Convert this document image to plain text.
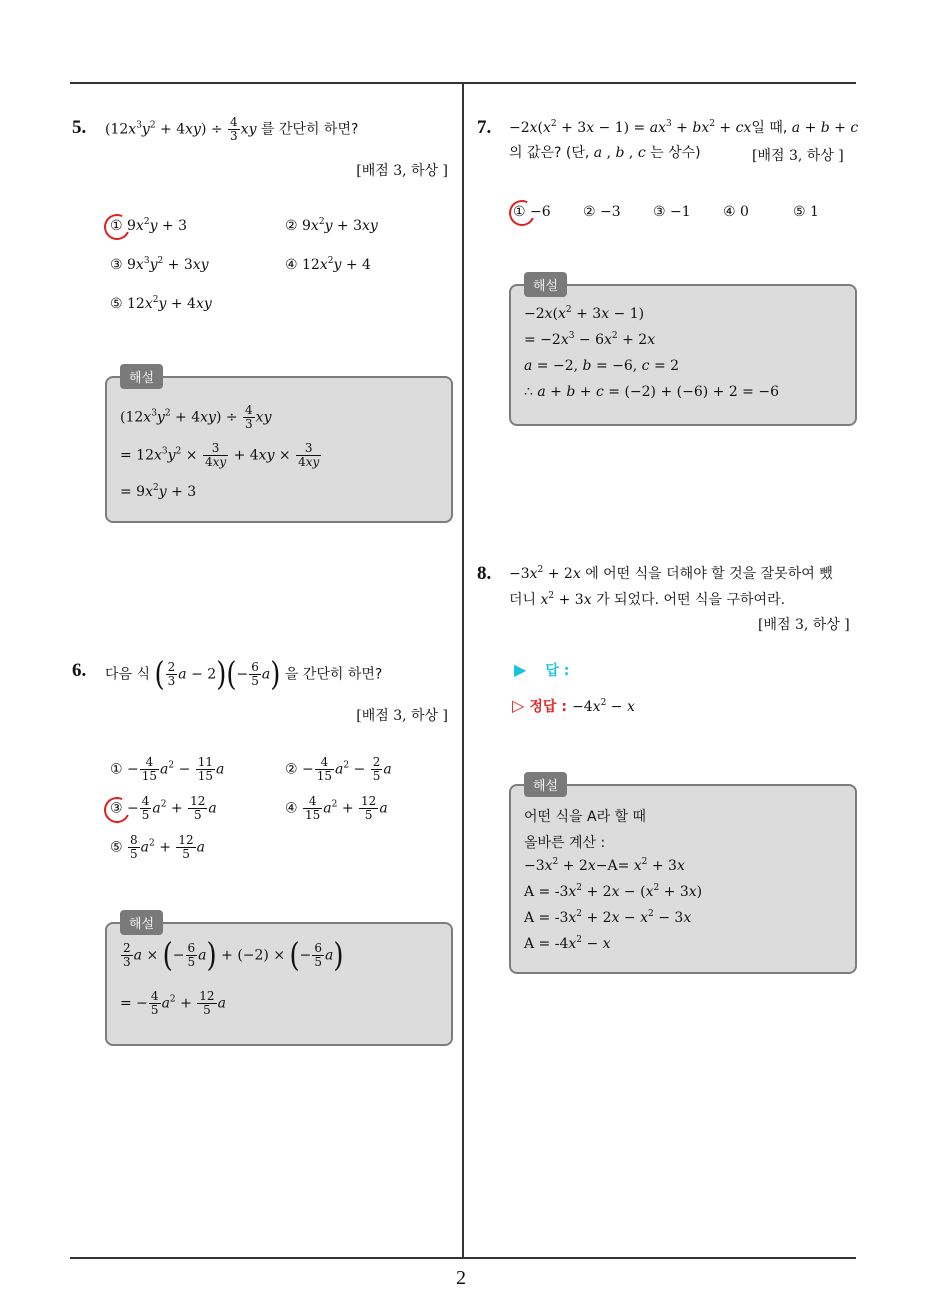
2
5. $(12x^3y^2 + 4xy) \div \frac{4}{3}$ xy 를 간단히 하면?
[배점 3, 하상 ]
① $9x^2y + 3$	② $9x^2y + 3xy$
③ $9x^3y^2 + 3xy$	④ $12x^2y + 4$
⑤ $12x^2y + 4xy$
$(12x^3y^2 + 4xy) \div \frac{4}{3}$ xy
= $12x^3y^2 \times \frac{3}{4xy} + 4xy \times \frac{3}{4xy}$
= $9x^2y + 3$
해설
6. 다음 식 ( $\frac{2}{3}$ $a - 2)(- \frac{6}{5} a)$ 을 간단히 하면?
[배점 3, 하상 ]
① − $\frac{4}{15} a^2 - \frac{11}{15}$ a	② − $\frac{4}{15} a^2 - \frac{2}{5}$ a
③ − $\frac{4}{5} a^2 + \frac{12}{5}$ a	④ $\frac{4}{15} a^2 + \frac{12}{5}$ a
⑤ $\frac{8}{5} a^2 + \frac{12}{5}$ a
$\frac{2}{3}$ a × (− $\frac{6}{5} a) + (-2)$ × (− $\frac{6}{5} a$)
= − $\frac{4}{5} a^2 + \frac{12}{5}$ a
해설
7. $-2x(x^2 + 3x - 1) = ax^3 + bx^2$ + cx일 때, a + b + c
의 값은? (단, a , b , c 는 상수)	[배점 3, 하상 ]
① −6 ② −3 ③ −1 ④ 0	⑤ 1
$-2x(x^2 + 3x - 1)$
= $-2x^3 - 6x^2 + 2x$
a = −2, b = −6, c = 2
∴ a + b + c = (−2) + (−6) + 2 = −6
해설
8. $-3x^2 + 2x$ 에 어떤 식을 더해야 할 것을 잘못하여 뺐
더니 $x^2 + 3x$ 가 되었다. 어떤 식을 구하여라.
[배점 3, 하상 ]
▶ 답 :
▷ 정답 : $-4x^2 - x$
어떤 식을 A라 할 때
올바른 계산 :
$-3x^2 + 2x-A= x^2 + 3x$
$A = -3x^2 + 2x - (x^2 + 3x)$
$A = -3x^2 + 2x - x^2 - 3x$
$A = -4x^2 - x$
해설
